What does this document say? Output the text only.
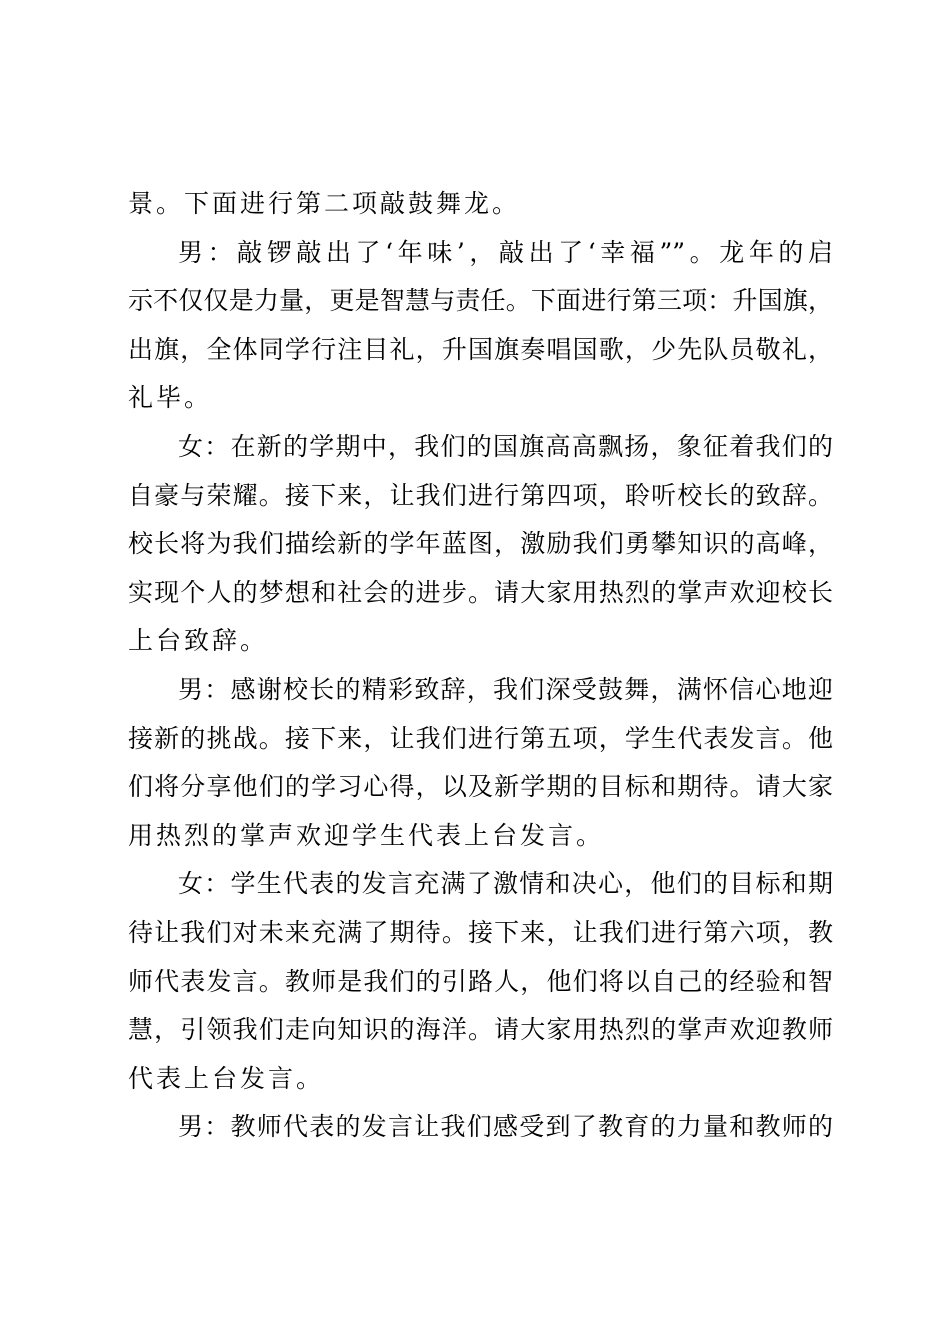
景。下面进行第二项敲鼓舞龙。
男：敲锣敲出了‘年味’，敲出了‘幸福””。龙年的启
示不仅仅是力量，更是智慧与责任。下面进行第三项：升国旗，
出旗，全体同学行注目礼，升国旗奏唱国歌，少先队员敬礼，
礼毕。
女：在新的学期中，我们的国旗高高飘扬，象征着我们的
自豪与荣耀。接下来，让我们进行第四项，聆听校长的致辞。
校长将为我们描绘新的学年蓝图，激励我们勇攀知识的高峰，
实现个人的梦想和社会的进步。请大家用热烈的掌声欢迎校长
上台致辞。
男：感谢校长的精彩致辞，我们深受鼓舞，满怀信心地迎
接新的挑战。接下来，让我们进行第五项，学生代表发言。他
们将分享他们的学习心得，以及新学期的目标和期待。请大家
用热烈的掌声欢迎学生代表上台发言。
女：学生代表的发言充满了激情和决心，他们的目标和期
待让我们对未来充满了期待。接下来，让我们进行第六项，教
师代表发言。教师是我们的引路人，他们将以自己的经验和智
慧，引领我们走向知识的海洋。请大家用热烈的掌声欢迎教师
代表上台发言。
男：教师代表的发言让我们感受到了教育的力量和教师的
